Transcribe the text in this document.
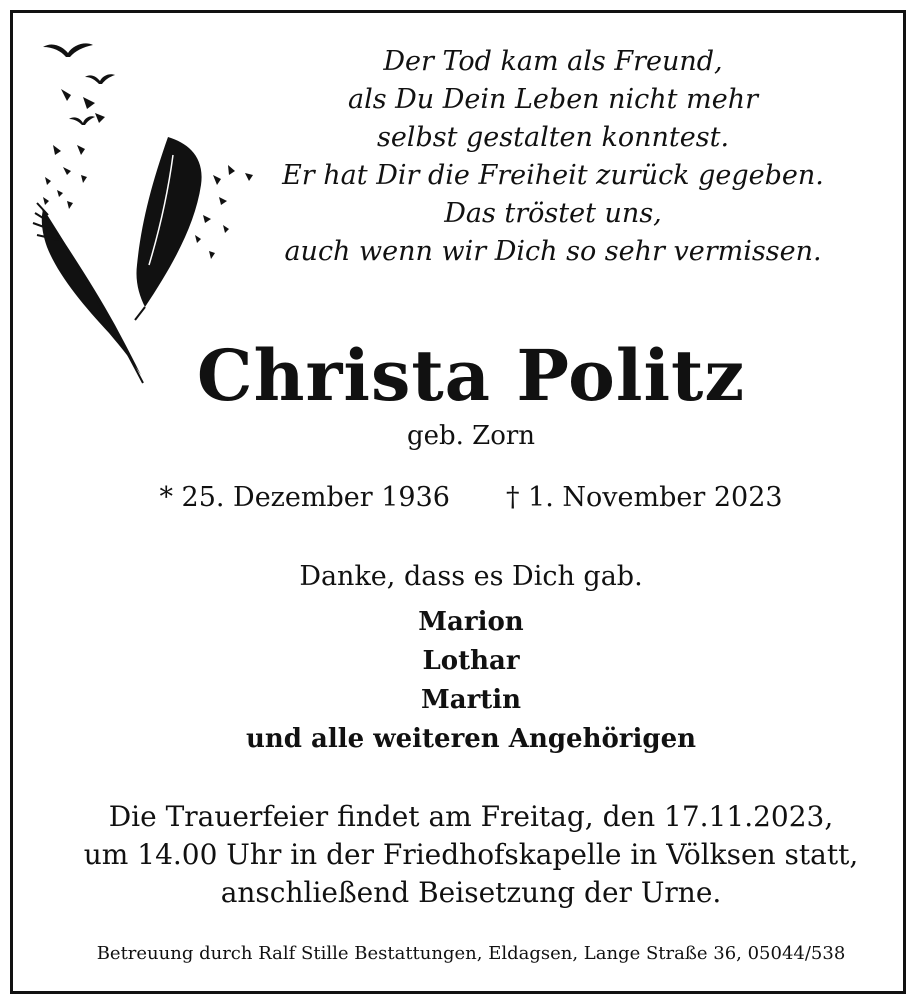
Der Tod kam als Freund,
als Du Dein Leben nicht mehr
selbst gestalten konntest.
Er hat Dir die Freiheit zurück gegeben.
Das tröstet uns,
auch wenn wir Dich so sehr vermissen.
Christa Politz
geb. Zorn
* 25. Dezember 1936 † 1. November 2023
Danke, dass es Dich gab.
Marion
Lothar
Martin
und alle weiteren Angehörigen
Die Trauerfeier findet am Freitag, den 17.11.2023,
um 14.00 Uhr in der Friedhofskapelle in Völksen statt,
anschließend Beisetzung der Urne.
Betreuung durch Ralf Stille Bestattungen, Eldagsen, Lange Straße 36, 05044/538
